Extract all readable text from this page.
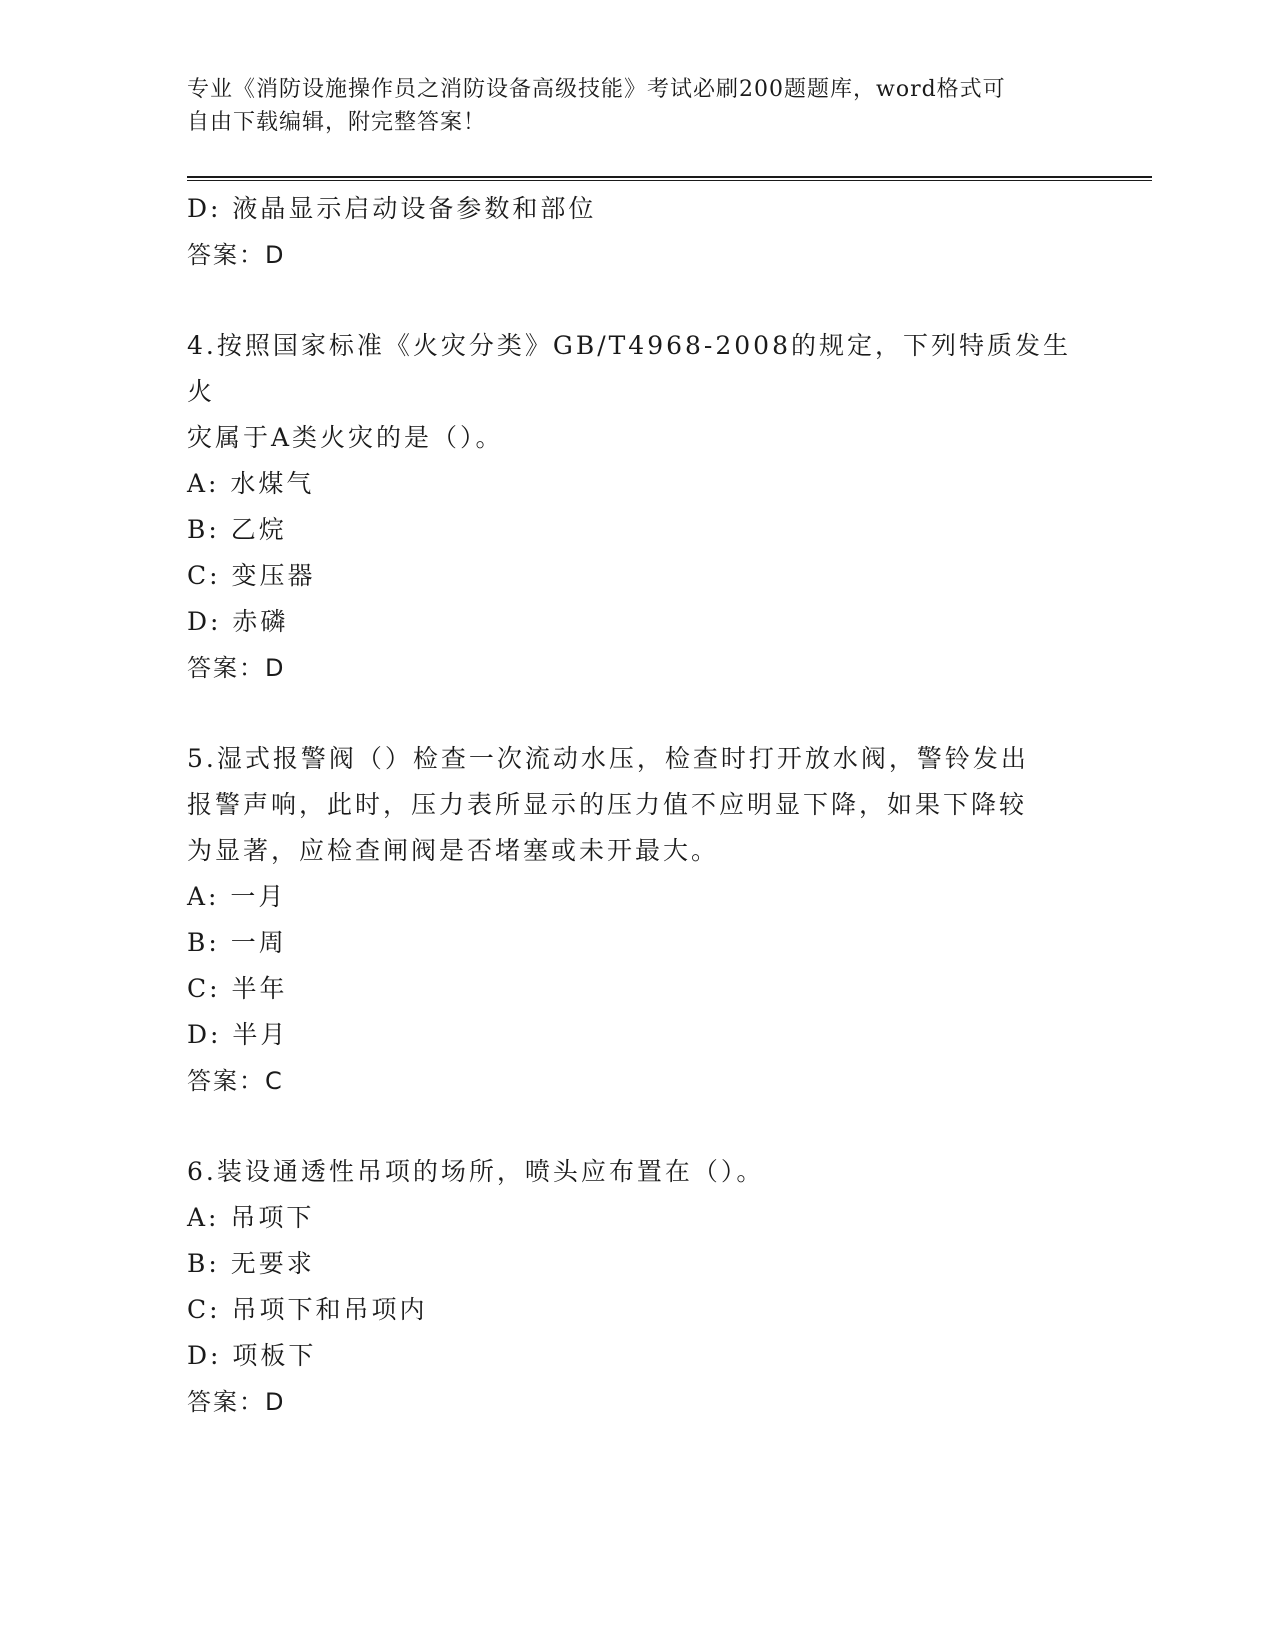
专业《消防设施操作员之消防设备高级技能》考试必刷200题题库，word格式可
自由下载编辑，附完整答案！
D: 液晶显示启动设备参数和部位
答案：D
4.按照国家标准《火灾分类》GB/T4968-2008的规定，下列特质发生火
灾属于A类火灾的是（）。
A: 水煤气
B: 乙烷
C: 变压器
D: 赤磷
答案：D
5.湿式报警阀（）检查一次流动水压，检查时打开放水阀，警铃发出
报警声响，此时，压力表所显示的压力值不应明显下降，如果下降较
为显著，应检查闸阀是否堵塞或未开最大。
A: 一月
B: 一周
C: 半年
D: 半月
答案：C
6.装设通透性吊项的场所，喷头应布置在（）。
A: 吊项下
B: 无要求
C: 吊项下和吊项内
D: 项板下
答案：D
